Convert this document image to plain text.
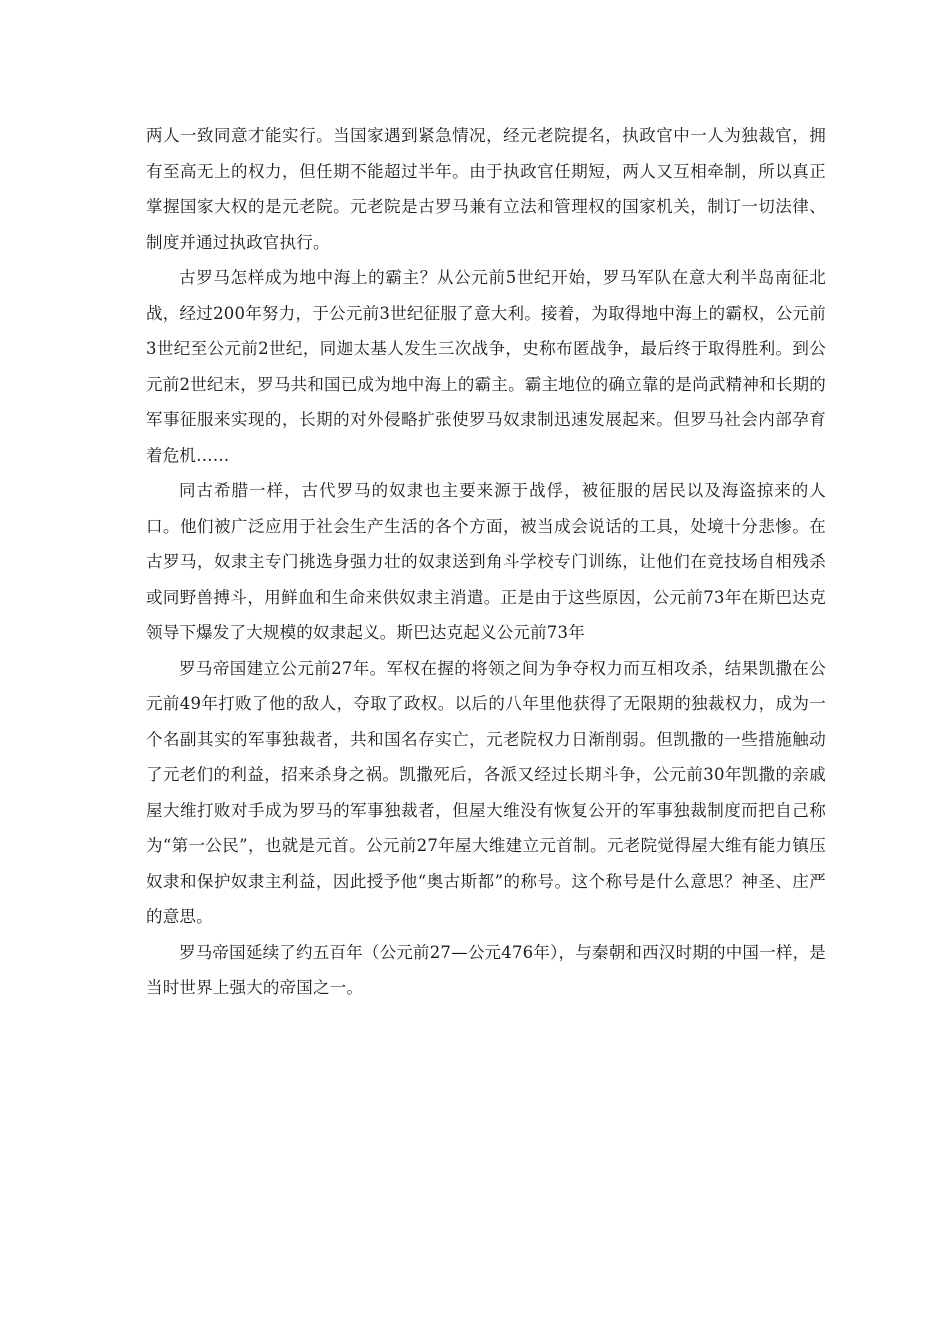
两人一致同意才能实行。当国家遇到紧急情况，经元老院提名，执政官中一人为独裁官，拥有至高无上的权力，但任期不能超过半年。由于执政官任期短，两人又互相牵制，所以真正掌握国家大权的是元老院。元老院是古罗马兼有立法和管理权的国家机关，制订一切法律、制度并通过执政官执行。

古罗马怎样成为地中海上的霸主？从公元前5世纪开始，罗马军队在意大利半岛南征北战，经过200年努力，于公元前3世纪征服了意大利。接着，为取得地中海上的霸权，公元前3世纪至公元前2世纪，同迦太基人发生三次战争，史称布匿战争，最后终于取得胜利。到公元前2世纪末，罗马共和国已成为地中海上的霸主。霸主地位的确立靠的是尚武精神和长期的军事征服来实现的，长期的对外侵略扩张使罗马奴隶制迅速发展起来。但罗马社会内部孕育着危机……

同古希腊一样，古代罗马的奴隶也主要来源于战俘，被征服的居民以及海盗掠来的人口。他们被广泛应用于社会生产生活的各个方面，被当成会说话的工具，处境十分悲惨。在古罗马，奴隶主专门挑选身强力壮的奴隶送到角斗学校专门训练，让他们在竞技场自相残杀或同野兽搏斗，用鲜血和生命来供奴隶主消遣。正是由于这些原因，公元前73年在斯巴达克领导下爆发了大规模的奴隶起义。斯巴达克起义公元前73年

罗马帝国建立公元前27年。军权在握的将领之间为争夺权力而互相攻杀，结果凯撒在公元前49年打败了他的敌人，夺取了政权。以后的八年里他获得了无限期的独裁权力，成为一个名副其实的军事独裁者，共和国名存实亡，元老院权力日渐削弱。但凯撒的一些措施触动了元老们的利益，招来杀身之祸。凯撒死后，各派又经过长期斗争，公元前30年凯撒的亲戚屋大维打败对手成为罗马的军事独裁者，但屋大维没有恢复公开的军事独裁制度而把自己称为“第一公民”，也就是元首。公元前27年屋大维建立元首制。元老院觉得屋大维有能力镇压奴隶和保护奴隶主利益，因此授予他“奥古斯都”的称号。这个称号是什么意思？神圣、庄严的意思。

罗马帝国延续了约五百年（公元前27—公元476年），与秦朝和西汉时期的中国一样，是当时世界上强大的帝国之一。
